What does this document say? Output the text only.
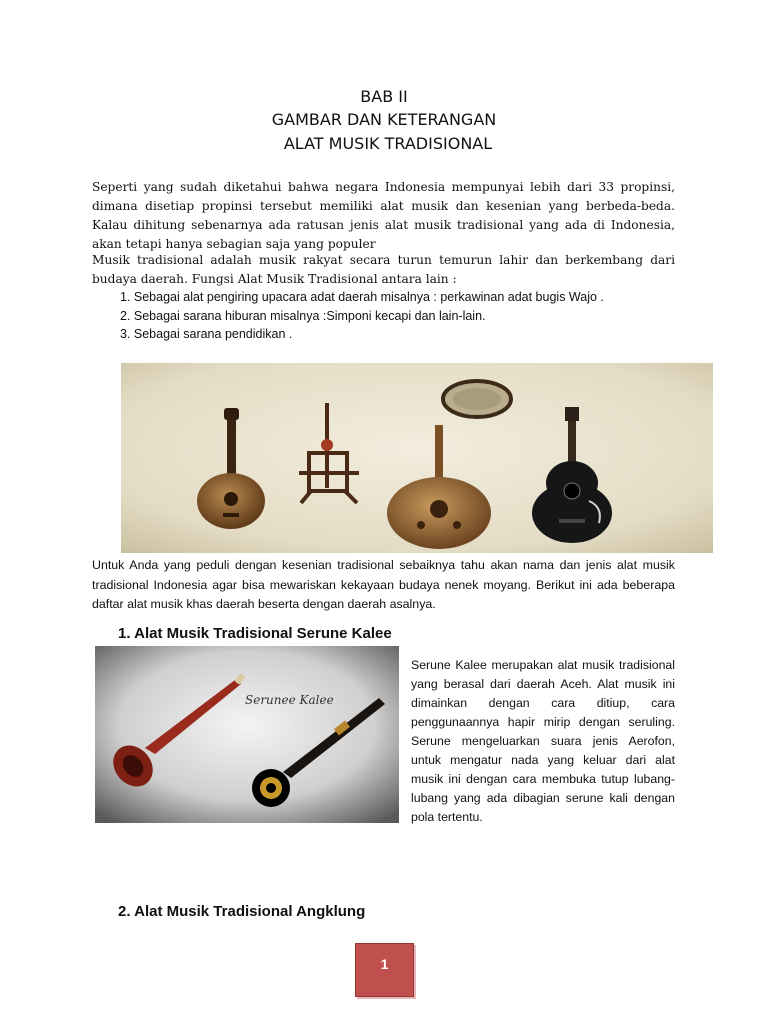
BAB II
GAMBAR DAN KETERANGAN
ALAT MUSIK TRADISIONAL
Seperti yang sudah diketahui bahwa negara Indonesia mempunyai lebih dari 33 propinsi, dimana disetiap propinsi tersebut memiliki alat musik dan kesenian yang berbeda-beda. Kalau dihitung sebenarnya ada ratusan jenis alat musik tradisional yang ada di Indonesia, akan tetapi hanya sebagian saja yang populer
Musik tradisional adalah musik rakyat secara turun temurun lahir dan berkembang dari budaya daerah. Fungsi Alat Musik Tradisional antara lain :
1. Sebagai alat pengiring upacara adat daerah misalnya : perkawinan adat bugis Wajo .
2. Sebagai sarana hiburan misalnya :Simponi kecapi dan lain-lain.
3. Sebagai sarana pendidikan .
Untuk Anda yang peduli dengan kesenian tradisional sebaiknya tahu akan nama dan jenis alat musik tradisional Indonesia agar bisa mewariskan kekayaan budaya nenek moyang. Berikut ini ada beberapa daftar alat musik khas daerah beserta dengan daerah asalnya.
1. Alat Musik Tradisional Serune Kalee
Serunee Kalee
Serune Kalee merupakan alat musik tradisional yang berasal dari daerah Aceh. Alat musik ini dimainkan dengan cara ditiup, cara penggunaannya hapir mirip dengan seruling. Serune mengeluarkan suara jenis Aerofon, untuk mengatur nada yang keluar dari alat musik ini dengan cara membuka tutup lubang-lubang yang ada dibagian serune kali dengan pola tertentu.
2. Alat Musik Tradisional Angklung
1
